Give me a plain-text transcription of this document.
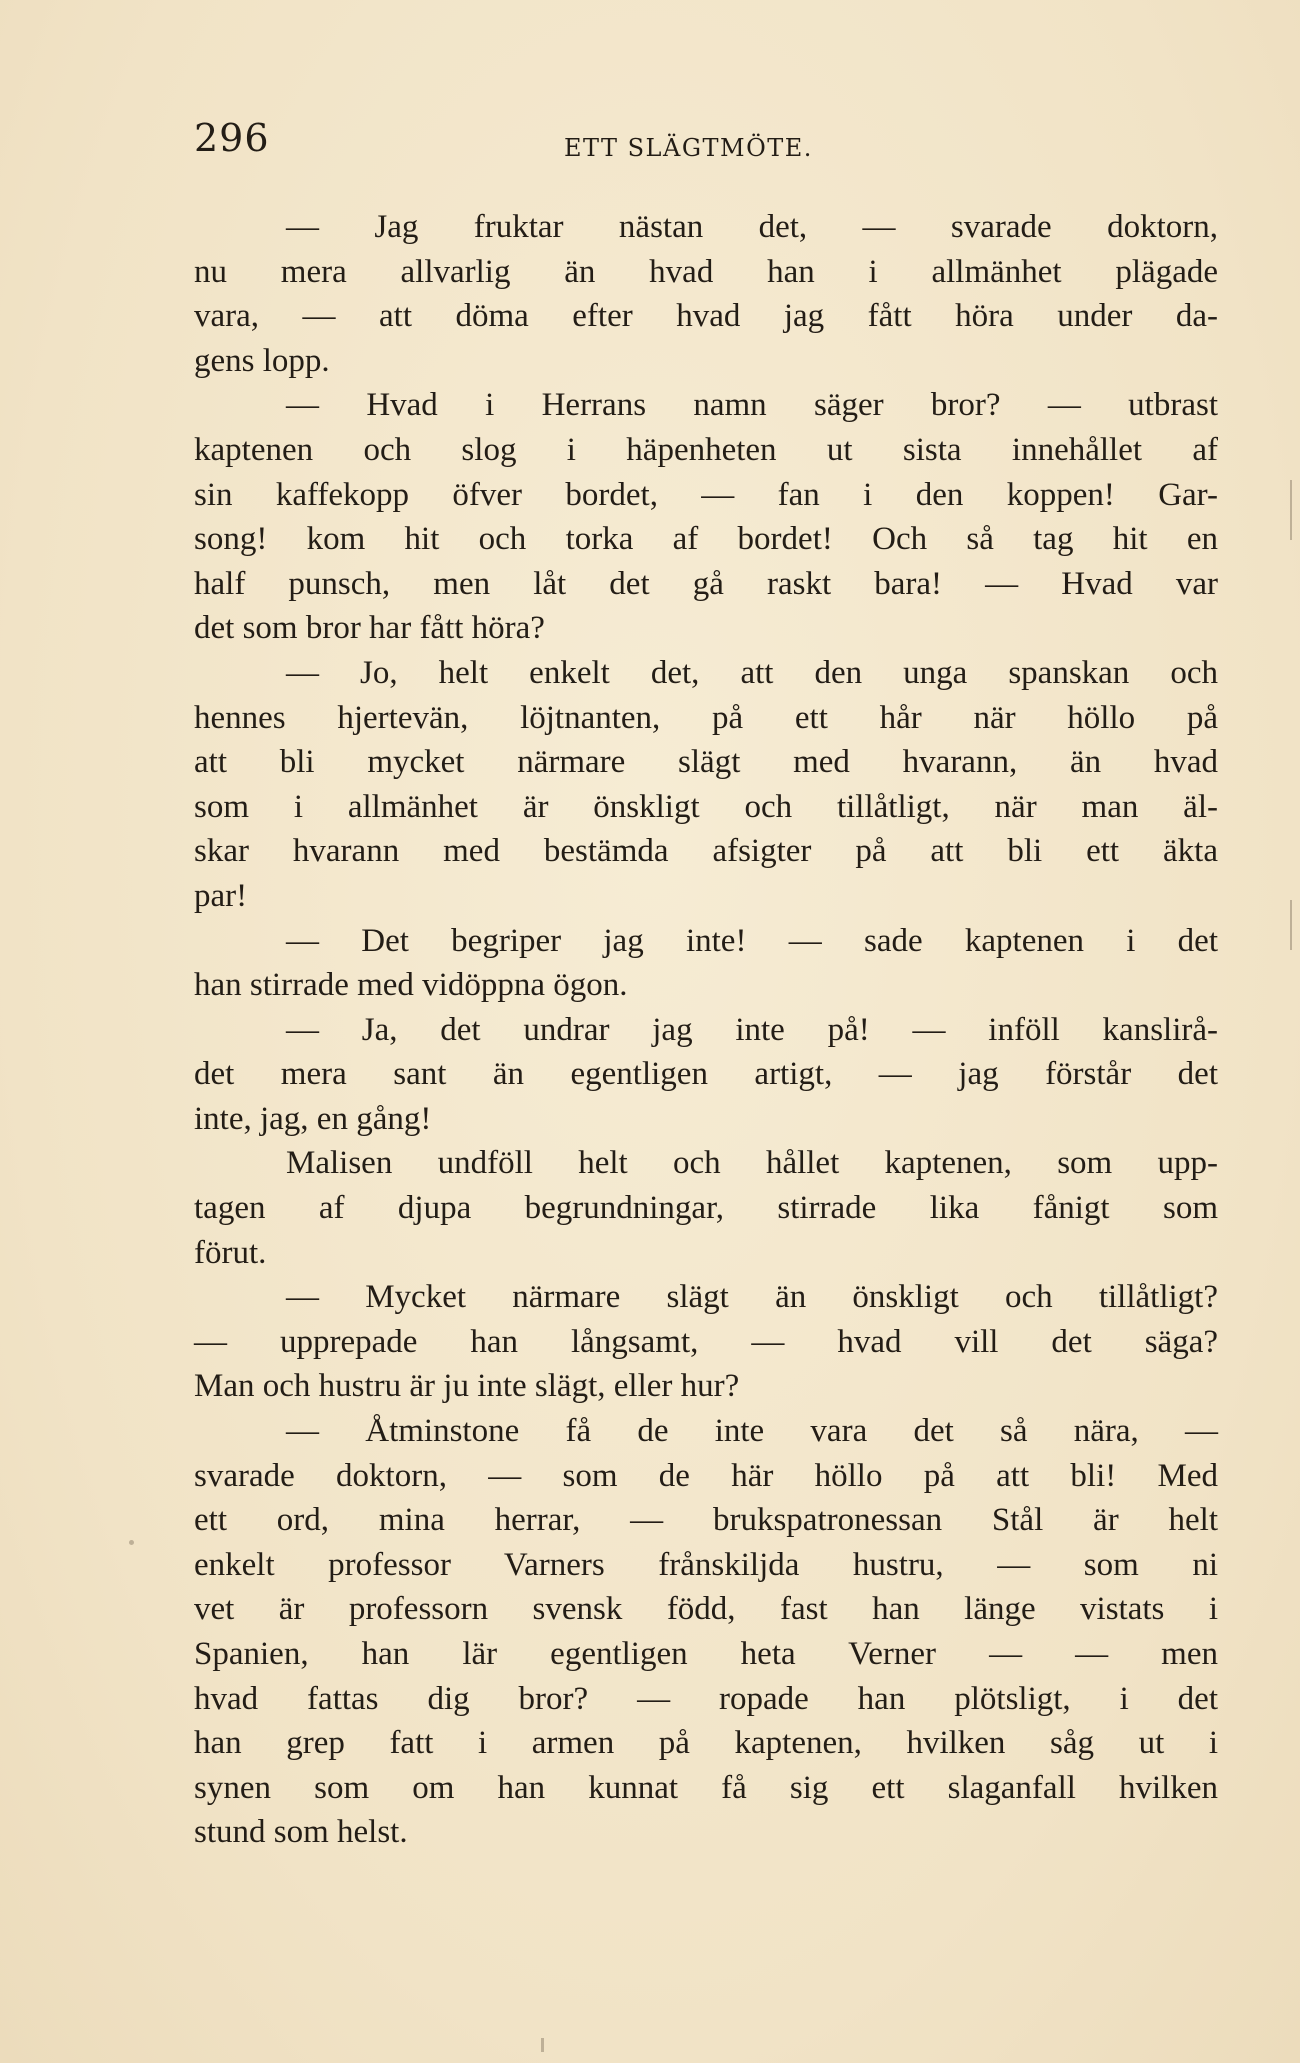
296	ETT SLÄGTMÖTE.
— Jag fruktar nästan det, — svarade doktorn,
nu mera allvarlig än hvad han i allmänhet plägade
vara, — att döma efter hvad jag fått höra under da-
gens lopp.
— Hvad i Herrans namn säger bror? — utbrast
kaptenen och slog i häpenheten ut sista innehållet af
sin kaffekopp öfver bordet, — fan i den koppen! Gar-
song! kom hit och torka af bordet! Och så tag hit en
half punsch, men låt det gå raskt bara! — Hvad var
det som bror har fått höra?
— Jo, helt enkelt det, att den unga spanskan och
hennes hjertevän, löjtnanten, på ett hår när höllo på
att bli mycket närmare slägt med hvarann, än hvad
som i allmänhet är önskligt och tillåtligt, när man äl-
skar hvarann med bestämda afsigter på att bli ett äkta
par!
— Det begriper jag inte! — sade kaptenen i det
han stirrade med vidöppna ögon.
— Ja, det undrar jag inte på! — inföll kanslirå-
det mera sant än egentligen artigt, — jag förstår det
inte, jag, en gång!
Malisen undföll helt och hållet kaptenen, som upp-
tagen af djupa begrundningar, stirrade lika fånigt som
förut.
— Mycket närmare slägt än önskligt och tillåtligt?
— upprepade han långsamt, — hvad vill det säga?
Man och hustru är ju inte slägt, eller hur?
— Åtminstone få de inte vara det så nära, —
svarade doktorn, — som de här höllo på att bli! Med
ett ord, mina herrar, — brukspatronessan Stål är helt
enkelt professor Varners frånskiljda hustru, — som ni
vet är professorn svensk född, fast han länge vistats i
Spanien, han lär egentligen heta Verner — — men
hvad fattas dig bror? — ropade han plötsligt, i det
han grep fatt i armen på kaptenen, hvilken såg ut i
synen som om han kunnat få sig ett slaganfall hvilken
stund som helst.
